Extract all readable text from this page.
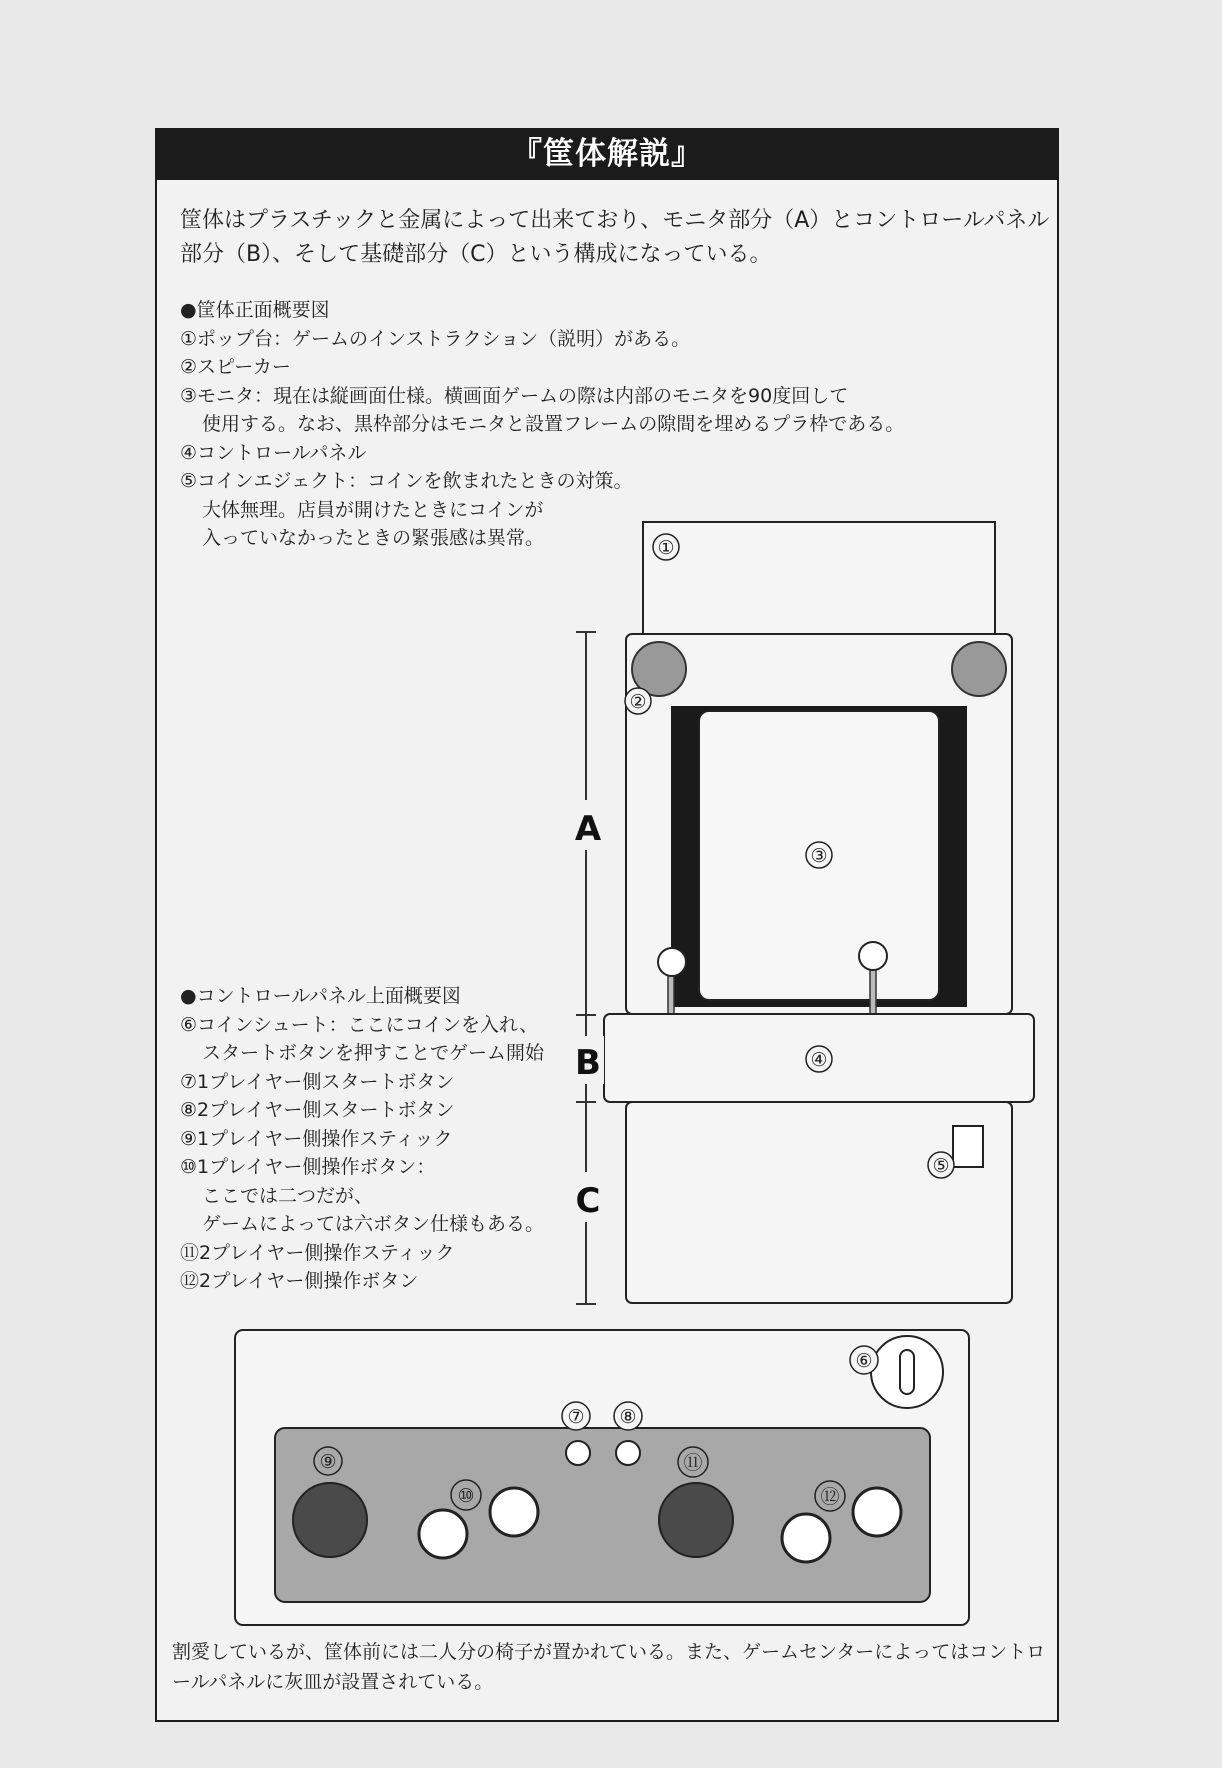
『筐体解説』

筐体はプラスチックと金属によって出来ており、モニタ部分（A）とコントロールパネル部分（B）、そして基礎部分（C）という構成になっている。

●筐体正面概要図
①ポップ台：ゲームのインストラクション（説明）がある。
②スピーカー
③モニタ：現在は縦画面仕様。横画面ゲームの際は内部のモニタを90度回して
使用する。なお、黒枠部分はモニタと設置フレームの隙間を埋めるプラ枠である。
④コントロールパネル
⑤コインエジェクト：コインを飲まれたときの対策。
大体無理。店員が開けたときにコインが
入っていなかったときの緊張感は異常。
●コントロールパネル上面概要図
⑥コインシュート：ここにコインを入れ、
スタートボタンを押すことでゲーム開始
⑦1プレイヤー側スタートボタン
⑧2プレイヤー側スタートボタン
⑨1プレイヤー側操作スティック
⑩1プレイヤー側操作ボタン：
ここでは二つだが、
ゲームによっては六ボタン仕様もある。
⑪2プレイヤー側操作スティック
⑫2プレイヤー側操作ボタン
A
B
C
①
②
③
④
⑤
⑥
⑦ ⑧
⑨
⑩
⑪
⑫

割愛しているが、筐体前には二人分の椅子が置かれている。また、ゲームセンターによってはコントロールパネルに灰皿が設置されている。
